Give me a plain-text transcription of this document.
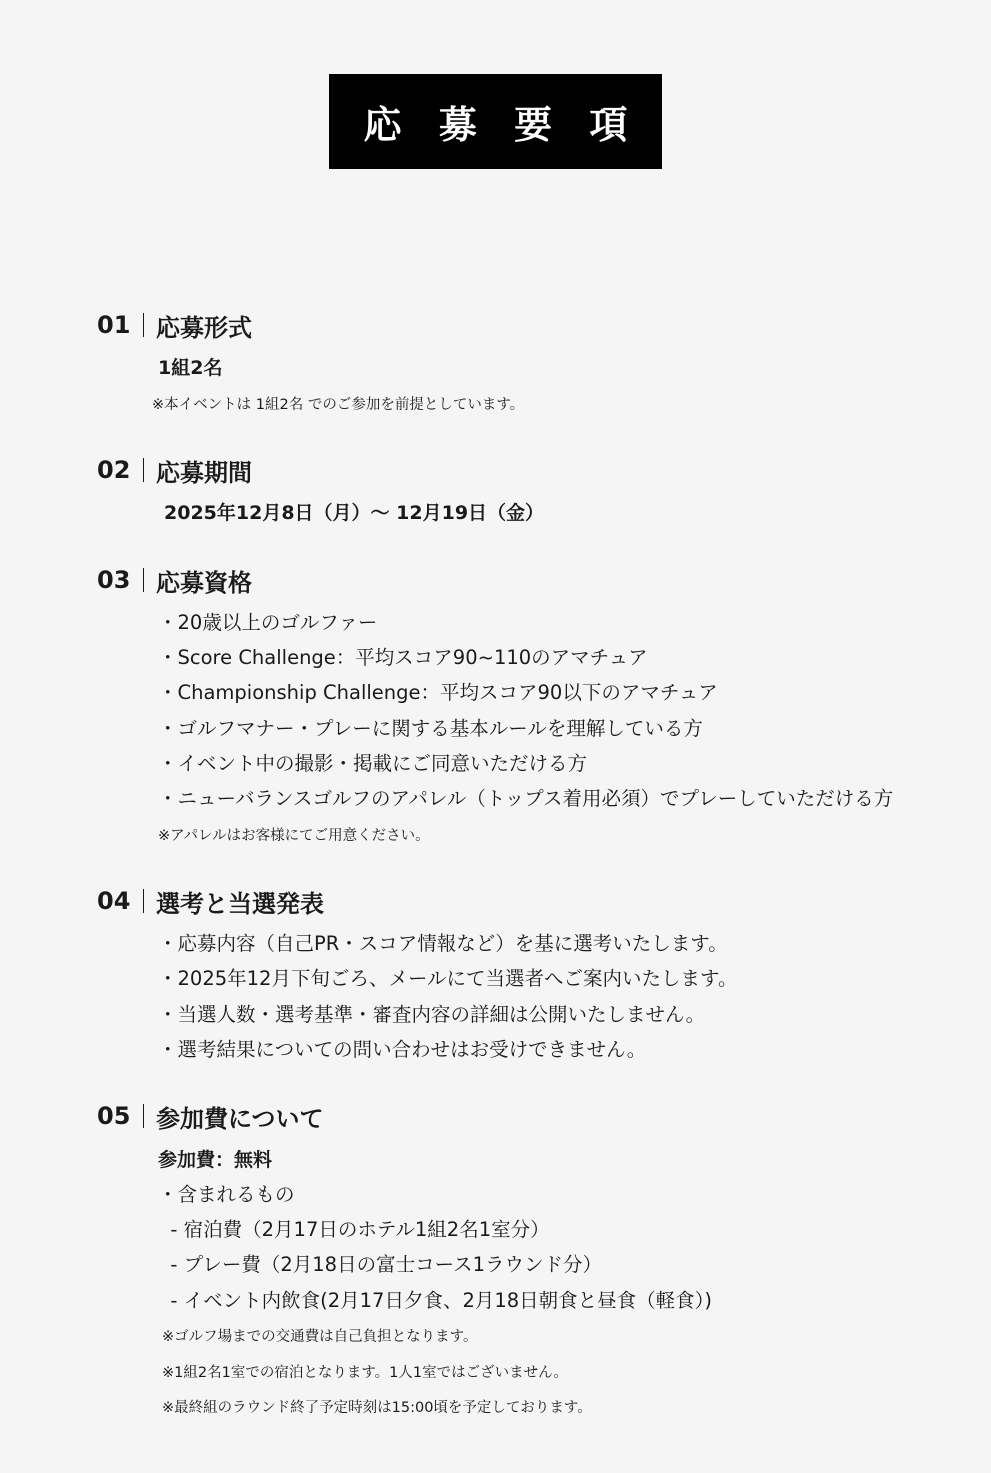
応 募 要 項
01 応募形式
1組2名
※本イベントは 1組2名 でのご参加を前提としています。
02 応募期間
2025年12月8日（月）〜 12月19日（金）
03 応募資格
・20歳以上のゴルファー
・Score Challenge：平均スコア90~110のアマチュア
・Championship Challenge：平均スコア90以下のアマチュア
・ゴルフマナー・プレーに関する基本ルールを理解している方
・イベント中の撮影・掲載にご同意いただける方
・ニューバランスゴルフのアパレル（トップス着用必須）でプレーしていただける方
※アパレルはお客様にてご用意ください。
04 選考と当選発表
・応募内容（自己PR・スコア情報など）を基に選考いたします。
・2025年12月下旬ごろ、メールにて当選者へご案内いたします。
・当選人数・選考基準・審査内容の詳細は公開いたしません。
・選考結果についての問い合わせはお受けできません。
05 参加費について
参加費：無料
・含まれるもの
- 宿泊費（2月17日のホテル1組2名1室分）
- プレー費（2月18日の富士コース1ラウンド分）
- イベント内飲食(2月17日夕食、2月18日朝食と昼食（軽食）)
※ゴルフ場までの交通費は自己負担となります。
※1組2名1室での宿泊となります。1人1室ではございません。
※最終組のラウンド終了予定時刻は15:00頃を予定しております。
